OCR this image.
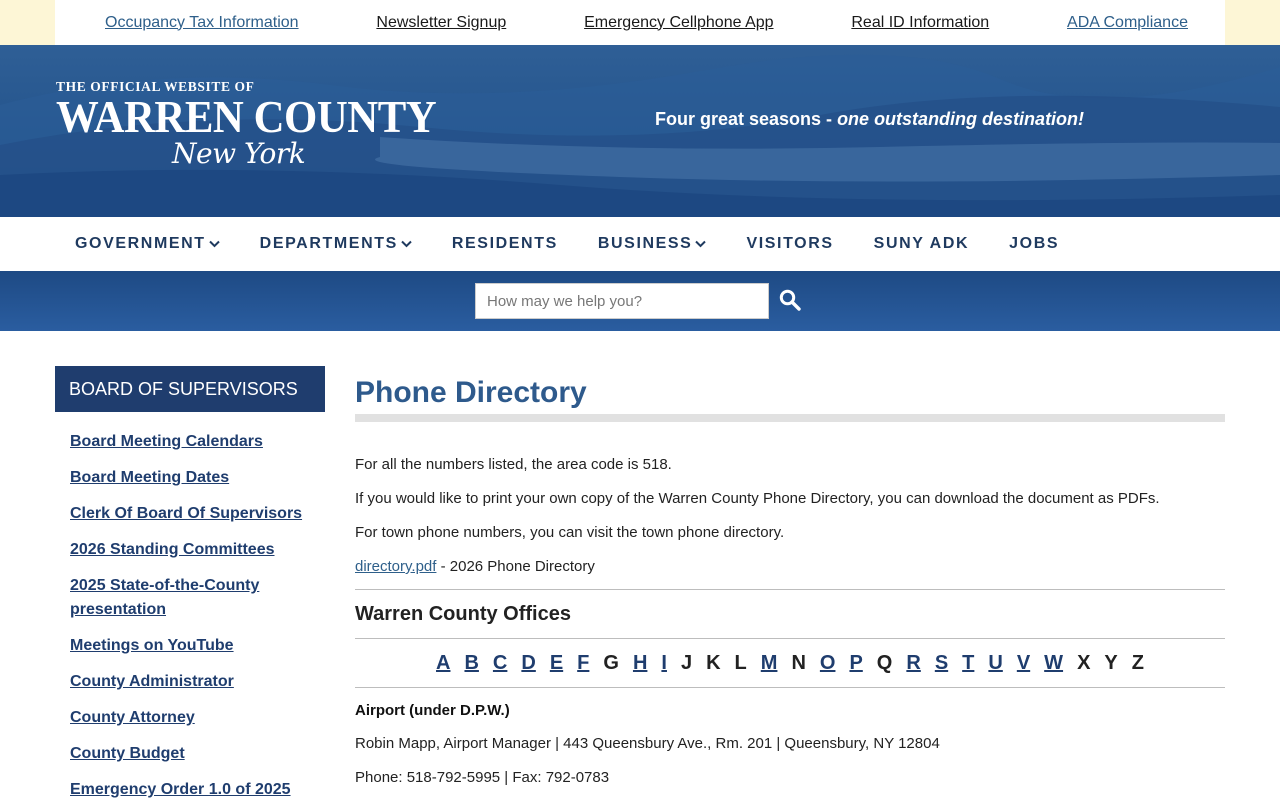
Occupancy Tax Information	Newsletter Signup	Emergency Cellphone App	Real ID Information	ADA Compliance
THE OFFICIAL WEBSITE OF
WARREN COUNTY
New York
Four great seasons - one outstanding destination!
GOVERNMENT	DEPARTMENTS	RESIDENTS	BUSINESS	VISITORS	SUNY ADK	JOBS
How may we help you?
BOARD OF SUPERVISORS
Board Meeting Calendars
Board Meeting Dates
Clerk Of Board Of Supervisors
2026 Standing Committees
2025 State-of-the-County presentation
Meetings on YouTube
County Administrator
County Attorney
County Budget
Emergency Order 1.0 of 2025
Phone Directory

For all the numbers listed, the area code is 518.

If you would like to print your own copy of the Warren County Phone Directory, you can download the document as PDFs.

For town phone numbers, you can visit the town phone directory.

directory.pdf - 2026 Phone Directory

Warren County Offices
A B C D E F G H I J K L M N O P Q R S T U V W X Y Z

Airport (under D.P.W.)

Robin Mapp, Airport Manager | 443 Queensbury Ave., Rm. 201 | Queensbury, NY 12804

Phone: 518-792-5995 | Fax: 792-0783
